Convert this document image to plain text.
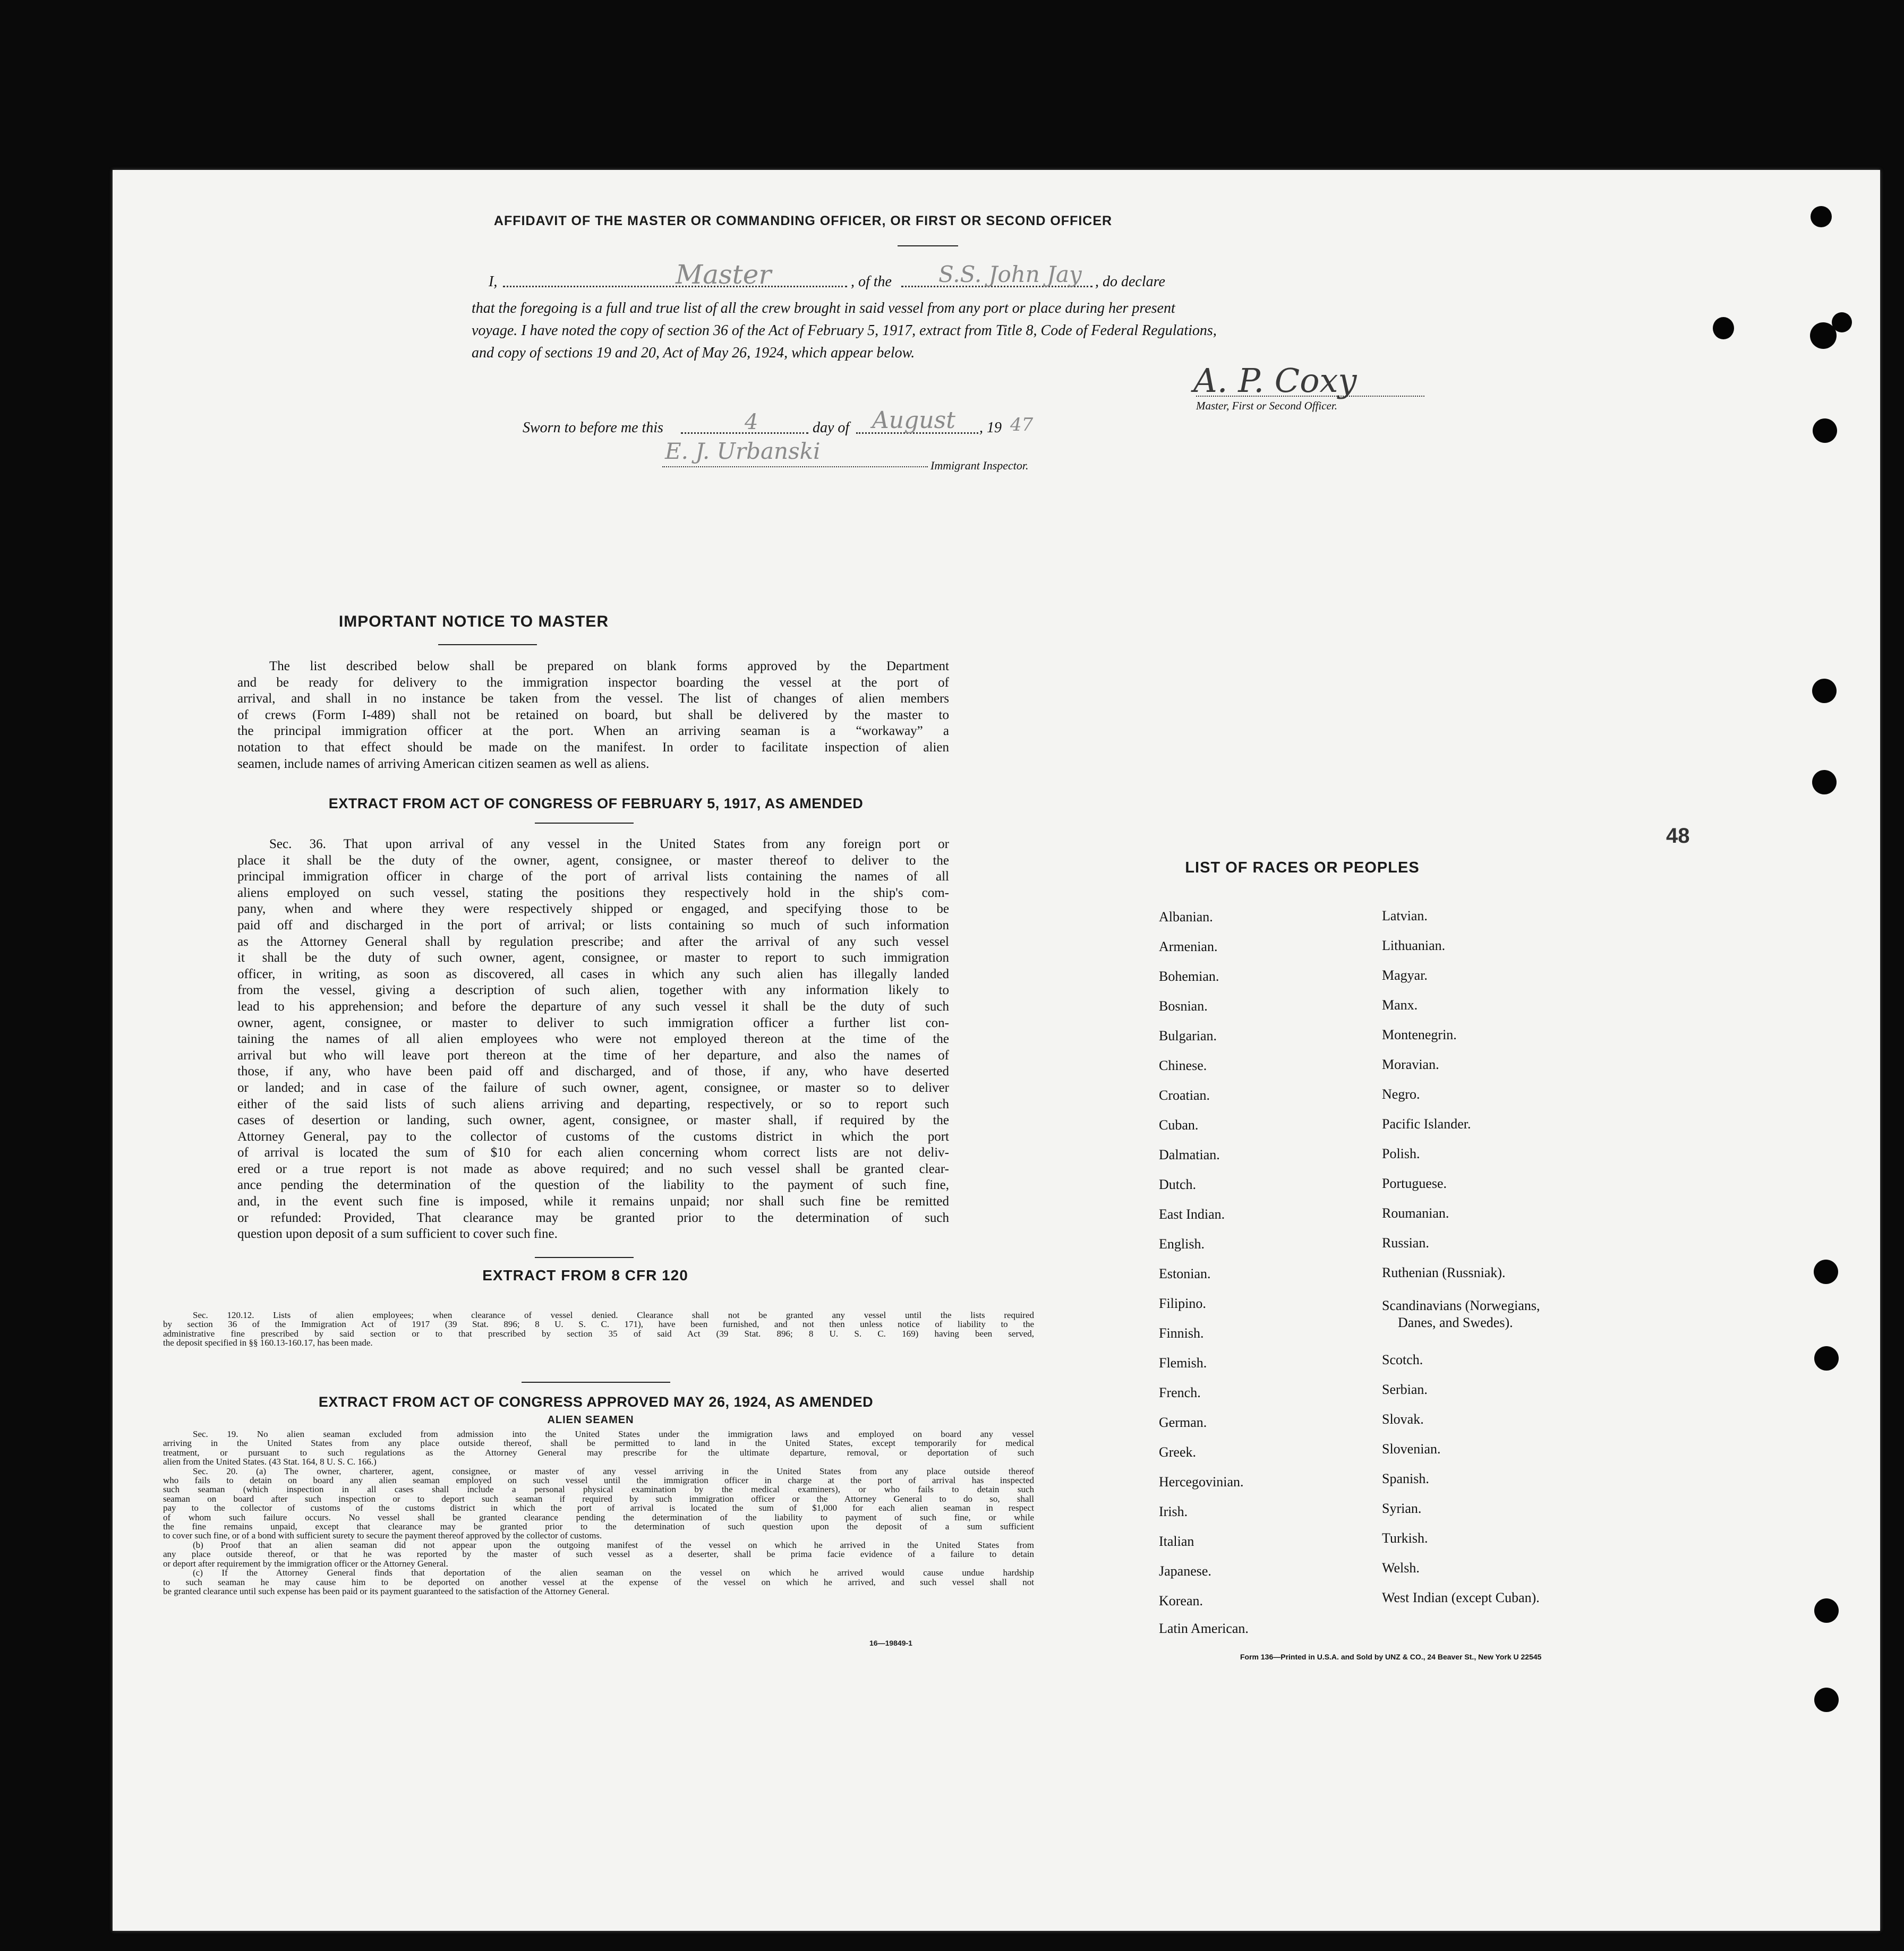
AFFIDAVIT OF THE MASTER OR COMMANDING OFFICER, OR FIRST OR SECOND OFFICER
I,	Master	, of the S.S. John Jay , do declare
that the foregoing is a full and true list of all the crew brought in said vessel from any port or place during her present
voyage. I have noted the copy of section 36 of the Act of February 5, 1917, extract from Title 8, Code of Federal Regulations,
and copy of sections 19 and 20, Act of May 26, 1924, which appear below.
A. P. Coxy
Master, First or Second Officer.
Sworn to before me this	4	day of August , 19 47
E. J. Urbanski
Immigrant Inspector.
IMPORTANT NOTICE TO MASTER
The list described below shall be prepared on blank forms approved by the Department
and be ready for delivery to the immigration inspector boarding the vessel at the port of
arrival, and shall in no instance be taken from the vessel. The list of changes of alien members
of crews (Form I-489) shall not be retained on board, but shall be delivered by the master to
the principal immigration officer at the port. When an arriving seaman is a “workaway” a
notation to that effect should be made on the manifest. In order to facilitate inspection of alien
seamen, include names of arriving American citizen seamen as well as aliens.
EXTRACT FROM ACT OF CONGRESS OF FEBRUARY 5, 1917, AS AMENDED
Sec. 36. That upon arrival of any vessel in the United States from any foreign port or
place it shall be the duty of the owner, agent, consignee, or master thereof to deliver to the
principal immigration officer in charge of the port of arrival lists containing the names of all
aliens employed on such vessel, stating the positions they respectively hold in the ship's com-
pany, when and where they were respectively shipped or engaged, and specifying those to be
paid off and discharged in the port of arrival; or lists containing so much of such information
as the Attorney General shall by regulation prescribe; and after the arrival of any such vessel
it shall be the duty of such owner, agent, consignee, or master to report to such immigration
officer, in writing, as soon as discovered, all cases in which any such alien has illegally landed
from the vessel, giving a description of such alien, together with any information likely to
lead to his apprehension; and before the departure of any such vessel it shall be the duty of such
owner, agent, consignee, or master to deliver to such immigration officer a further list con-
taining the names of all alien employees who were not employed thereon at the time of the
arrival but who will leave port thereon at the time of her departure, and also the names of
those, if any, who have been paid off and discharged, and of those, if any, who have deserted
or landed; and in case of the failure of such owner, agent, consignee, or master so to deliver
either of the said lists of such aliens arriving and departing, respectively, or so to report such
cases of desertion or landing, such owner, agent, consignee, or master shall, if required by the
Attorney General, pay to the collector of customs of the customs district in which the port
of arrival is located the sum of $10 for each alien concerning whom correct lists are not deliv-
ered or a true report is not made as above required; and no such vessel shall be granted clear-
ance pending the determination of the question of the liability to the payment of such fine,
and, in the event such fine is imposed, while it remains unpaid; nor shall such fine be remitted
or refunded: Provided, That clearance may be granted prior to the determination of such
question upon deposit of a sum sufficient to cover such fine.
EXTRACT FROM 8 CFR 120
Sec. 120.12. Lists of alien employees; when clearance of vessel denied. Clearance shall not be granted any vessel until the lists required
by section 36 of the Immigration Act of 1917 (39 Stat. 896; 8 U. S. C. 171), have been furnished, and not then unless notice of liability to the
administrative fine prescribed by said section or to that prescribed by section 35 of said Act (39 Stat. 896; 8 U. S. C. 169) having been served,
the deposit specified in §§ 160.13-160.17, has been made.
EXTRACT FROM ACT OF CONGRESS APPROVED MAY 26, 1924, AS AMENDED
ALIEN SEAMEN
Sec. 19. No alien seaman excluded from admission into the United States under the immigration laws and employed on board any vessel
arriving in the United States from any place outside thereof, shall be permitted to land in the United States, except temporarily for medical
treatment, or pursuant to such regulations as the Attorney General may prescribe for the ultimate departure, removal, or deportation of such
alien from the United States. (43 Stat. 164, 8 U. S. C. 166.)
Sec. 20. (a) The owner, charterer, agent, consignee, or master of any vessel arriving in the United States from any place outside thereof
who fails to detain on board any alien seaman employed on such vessel until the immigration officer in charge at the port of arrival has inspected
such seaman (which inspection in all cases shall include a personal physical examination by the medical examiners), or who fails to detain such
seaman on board after such inspection or to deport such seaman if required by such immigration officer or the Attorney General to do so, shall
pay to the collector of customs of the customs district in which the port of arrival is located the sum of $1,000 for each alien seaman in respect
of whom such failure occurs. No vessel shall be granted clearance pending the determination of the liability to payment of such fine, or while
the fine remains unpaid, except that clearance may be granted prior to the determination of such question upon the deposit of a sum sufficient
to cover such fine, or of a bond with sufficient surety to secure the payment thereof approved by the collector of customs.
(b) Proof that an alien seaman did not appear upon the outgoing manifest of the vessel on which he arrived in the United States from
any place outside thereof, or that he was reported by the master of such vessel as a deserter, shall be prima facie evidence of a failure to detain
or deport after requirement by the immigration officer or the Attorney General.
(c) If the Attorney General finds that deportation of the alien seaman on the vessel on which he arrived would cause undue hardship
to such seaman he may cause him to be deported on another vessel at the expense of the vessel on which he arrived, and such vessel shall not
be granted clearance until such expense has been paid or its payment guaranteed to the satisfaction of the Attorney General.
16—19849-1
LIST OF RACES OR PEOPLES
Albanian.
Armenian.
Bohemian.
Bosnian.
Bulgarian.
Chinese.
Croatian.
Cuban.
Dalmatian.
Dutch.
East Indian.
English.
Estonian.
Filipino.
Finnish.
Flemish.
French.
German.
Greek.
Hercegovinian.
Irish.
Italian
Japanese.
Korean.
Latin American.
Latvian.
Lithuanian.
Magyar.
Manx.
Montenegrin.
Moravian.
Negro.
Pacific Islander.
Polish.
Portuguese.
Roumanian.
Russian.
Ruthenian (Russniak).
Scandinavians (Norwegians,
Danes, and Swedes).
Scotch.
Serbian.
Slovak.
Slovenian.
Spanish.
Syrian.
Turkish.
Welsh.
West Indian (except Cuban).
Form 136—Printed in U.S.A. and Sold by UNZ & CO., 24 Beaver St., New York U 22545
48
